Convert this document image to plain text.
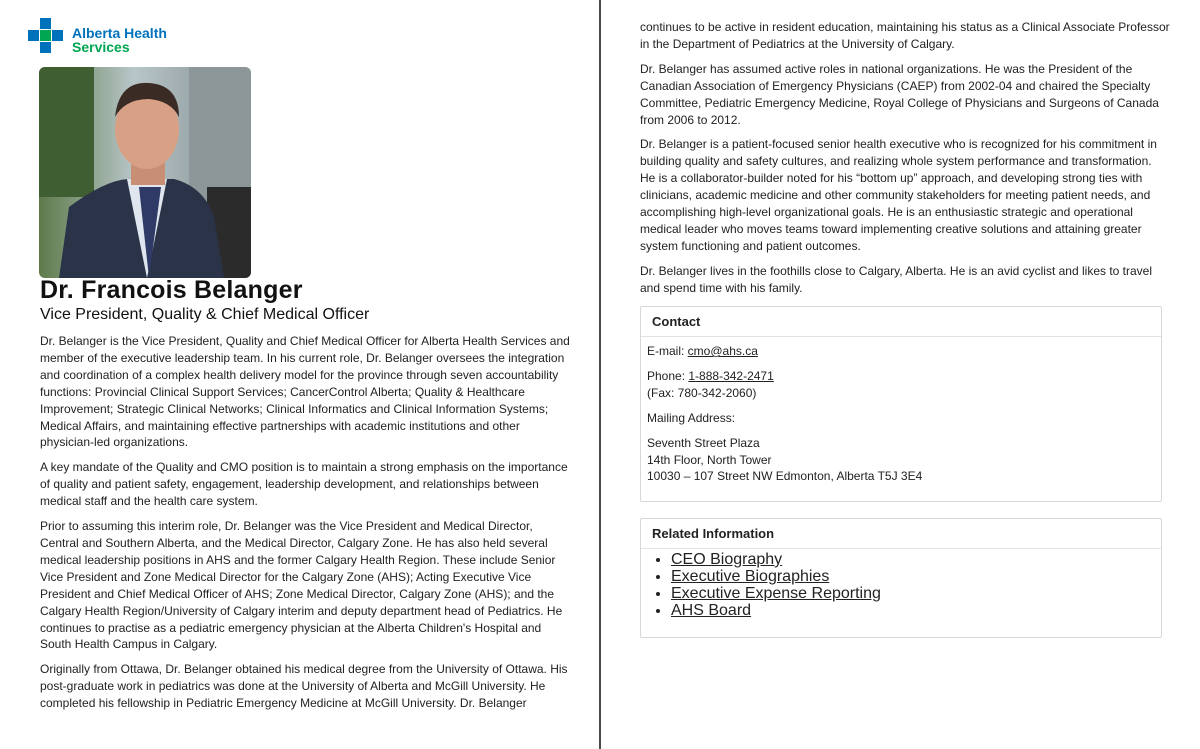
Alberta Health
Services
Dr. Francois Belanger
Vice President, Quality & Chief Medical Officer

Dr. Belanger is the Vice President, Quality and Chief Medical Officer for Alberta Health Services and member of the executive leadership team. In his current role, Dr. Belanger oversees the integration and coordination of a complex health delivery model for the province through seven accountability functions: Provincial Clinical Support Services; CancerControl Alberta; Quality & Healthcare Improvement; Strategic Clinical Networks; Clinical Informatics and Clinical Information Systems; Medical Affairs, and maintaining effective partnerships with academic institutions and other physician-led organizations.

A key mandate of the Quality and CMO position is to maintain a strong emphasis on the importance of quality and patient safety, engagement, leadership development, and relationships between medical staff and the health care system.

Prior to assuming this interim role, Dr. Belanger was the Vice President and Medical Director, Central and Southern Alberta, and the Medical Director, Calgary Zone. He has also held several medical leadership positions in AHS and the former Calgary Health Region. These include Senior Vice President and Zone Medical Director for the Calgary Zone (AHS); Acting Executive Vice President and Chief Medical Officer of AHS; Zone Medical Director, Calgary Zone (AHS); and the Calgary Health Region/University of Calgary interim and deputy department head of Pediatrics. He continues to practise as a pediatric emergency physician at the Alberta Children's Hospital and South Health Campus in Calgary.

Originally from Ottawa, Dr. Belanger obtained his medical degree from the University of Ottawa. His post-graduate work in pediatrics was done at the University of Alberta and McGill University. He completed his fellowship in Pediatric Emergency Medicine at McGill University. Dr. Belanger

continues to be active in resident education, maintaining his status as a Clinical Associate Professor in the Department of Pediatrics at the University of Calgary.

Dr. Belanger has assumed active roles in national organizations. He was the President of the Canadian Association of Emergency Physicians (CAEP) from 2002-04 and chaired the Specialty Committee, Pediatric Emergency Medicine, Royal College of Physicians and Surgeons of Canada from 2006 to 2012.

Dr. Belanger is a patient-focused senior health executive who is recognized for his commitment in building quality and safety cultures, and realizing whole system performance and transformation. He is a collaborator-builder noted for his “bottom up” approach, and developing strong ties with clinicians, academic medicine and other community stakeholders for meeting patient needs, and accomplishing high-level organizational goals. He is an enthusiastic strategic and operational medical leader who moves teams toward implementing creative solutions and attaining greater system functioning and patient outcomes.

Dr. Belanger lives in the foothills close to Calgary, Alberta. He is an avid cyclist and likes to travel and spend time with his family.

Contact

E-mail: cmo@ahs.ca

Phone: 1-888-342-2471
(Fax: 780-342-2060)

Mailing Address:

Seventh Street Plaza
14th Floor, North Tower
10030 – 107 Street NW Edmonton, Alberta T5J 3E4

Related Information
• CEO Biography
• Executive Biographies
• Executive Expense Reporting
• AHS Board
